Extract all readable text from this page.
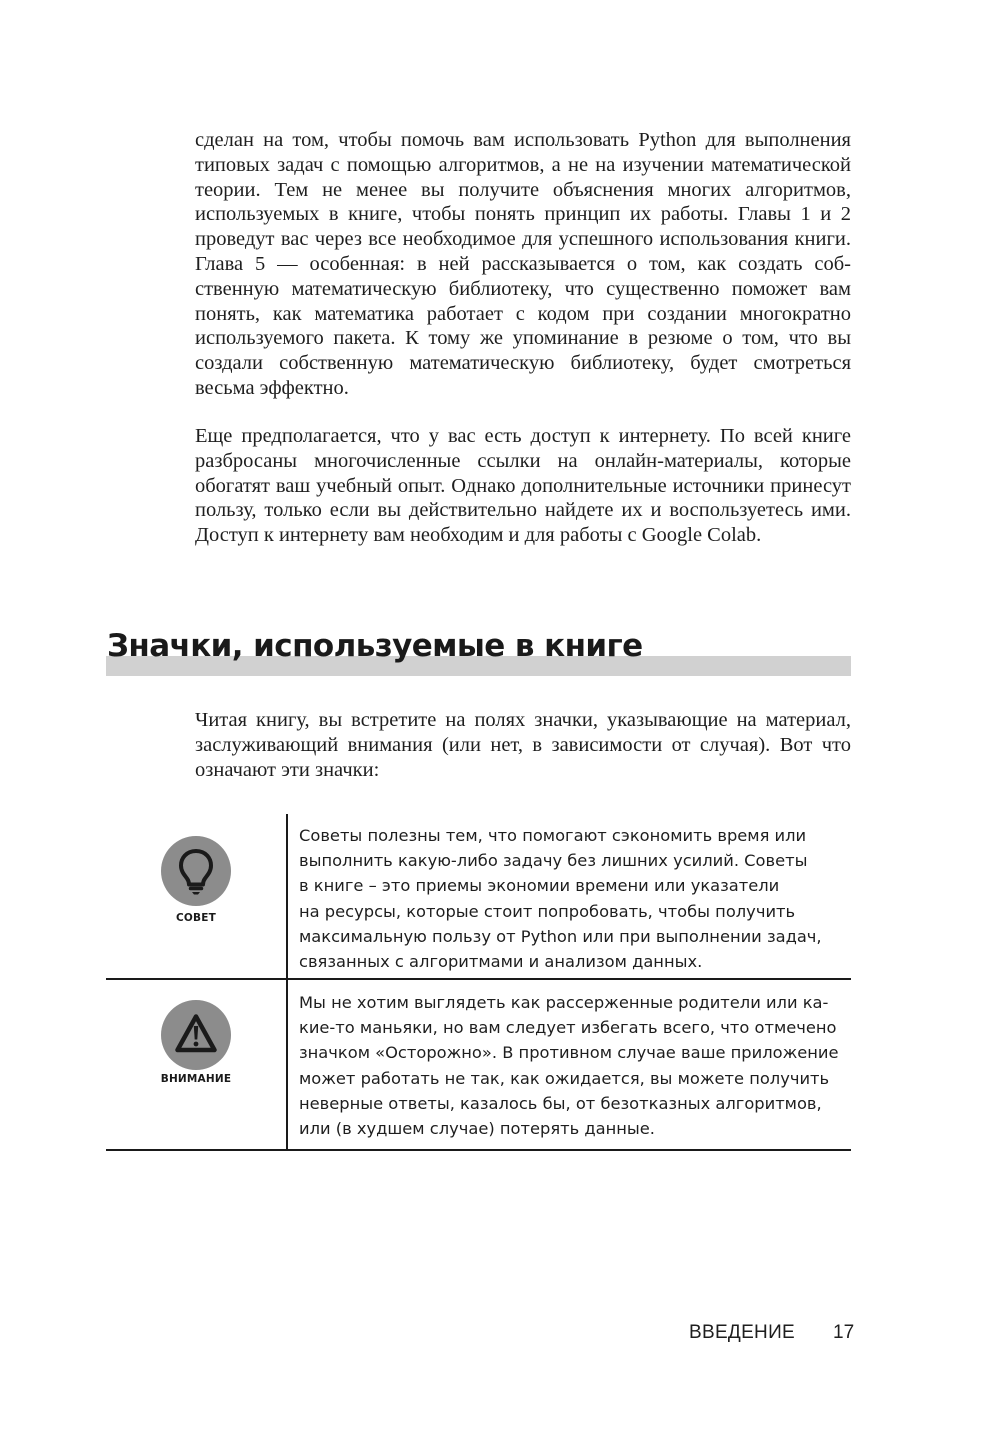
сделан на том, чтобы помочь вам использовать Python для выполнения типовых задач с помощью алгоритмов, а не на изучении математической теории. Тем не менее вы получите объяснения многих алгоритмов, используемых в книге, чтобы понять принцип их работы. Главы 1 и 2 проведут вас через все необходимое для успешного использования книги. Глава 5 — особенная: в ней рассказывается о том, как создать собственную математическую библиотеку, что существенно поможет вам понять, как математика работает с кодом при создании многократно используемого пакета. К тому же упоминание в резюме о том, что вы создали собственную математическую библиотеку, будет смотреться весьма эффектно.

Еще предполагается, что у вас есть доступ к интернету. По всей книге разбросаны многочисленные ссылки на онлайн-материалы, которые обогатят ваш учебный опыт. Однако дополнительные источники принесут пользу, только если вы действительно найдете их и воспользуетесь ими. Доступ к интернету вам необходим и для работы с Google Colab.

Значки, используемые в книге

Читая книгу, вы встретите на полях значки, указывающие на материал, заслуживающий внимания (или нет, в зависимости от случая). Вот что означают эти значки:

СОВЕТ

Советы полезны тем, что помогают сэкономить время или
выполнить какую-либо задачу без лишних усилий. Советы
в книге – это приемы экономии времени или указатели
на ресурсы, которые стоит попробовать, чтобы получить
максимальную пользу от Python или при выполнении задач,
связанных с алгоритмами и анализом данных.

ВНИМАНИЕ

Мы не хотим выглядеть как рассерженные родители или ка-
кие-то маньяки, но вам следует избегать всего, что отмечено
значком «Осторожно». В противном случае ваше приложение
может работать не так, как ожидается, вы можете получить
неверные ответы, казалось бы, от безотказных алгоритмов,
или (в худшем случае) потерять данные.

ВВЕДЕНИЕ 17
